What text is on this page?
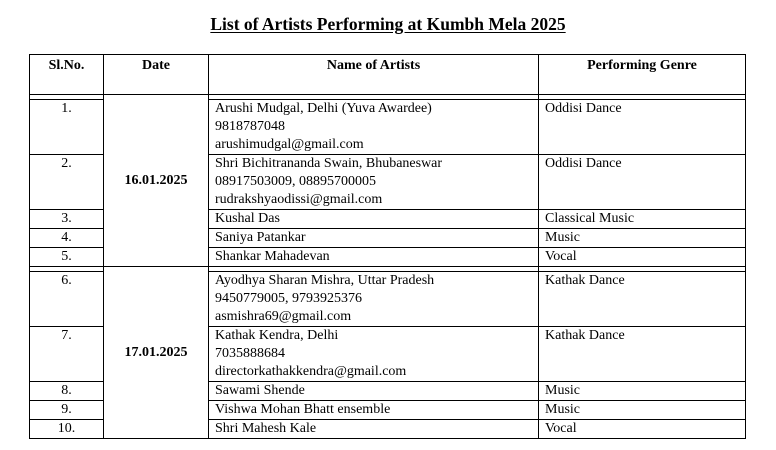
List of Artists Performing at Kumbh Mela 2025
Sl.No.	Date	Name of Artists	Performing Genre
	16.01.2025		
1.		Arushi Mudgal, Delhi (Yuva Awardee)
9818787048
arushimudgal@gmail.com	Oddisi Dance
2.		Shri Bichitrananda Swain, Bhubaneswar
08917503009, 08895700005
rudrakshyaodissi@gmail.com	Oddisi Dance
3.		Kushal Das	Classical Music
4.		Saniya Patankar	Music
5.		Shankar Mahadevan	Vocal
	17.01.2025		
6.		Ayodhya Sharan Mishra, Uttar Pradesh
9450779005, 9793925376
asmishra69@gmail.com	Kathak Dance
7.		Kathak Kendra, Delhi
7035888684
directorkathakkendra@gmail.com	Kathak Dance
8.		Sawami Shende	Music
9.		Vishwa Mohan Bhatt ensemble	Music
10.		Shri Mahesh Kale	Vocal
